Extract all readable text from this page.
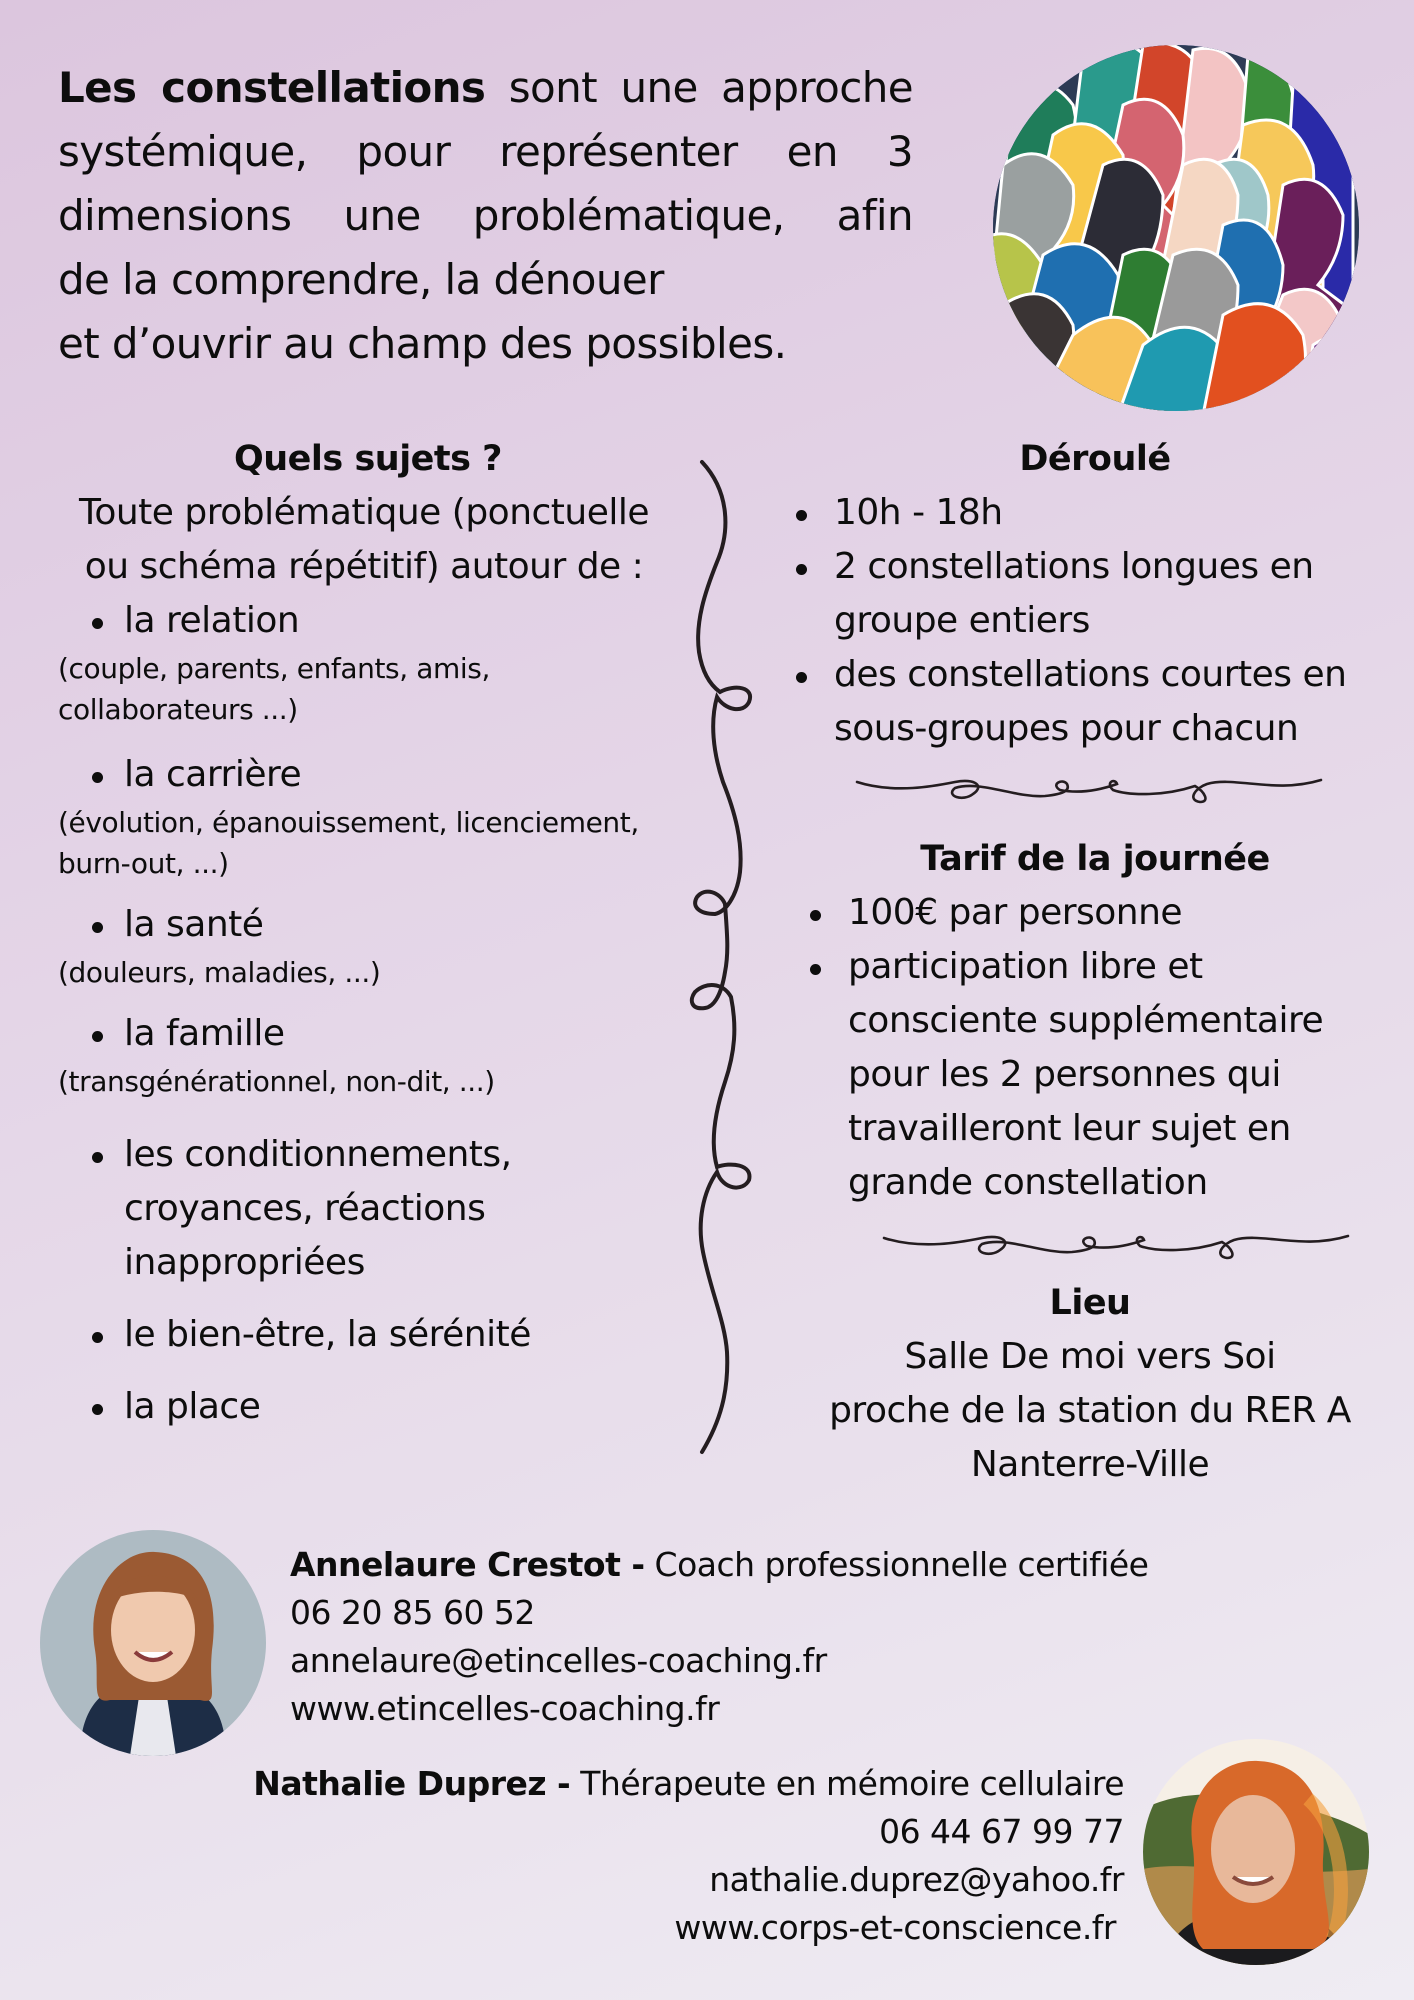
Les constellations sont une approche
systémique, pour représenter en 3
dimensions une problématique, afin
de la comprendre, la dénouer
et d’ouvrir au champ des possibles.
Quels sujets ?
Toute problématique (ponctuelle
ou schéma répétitif) autour de :
la relation
(couple, parents, enfants, amis,
collaborateurs ...)
la carrière
(évolution, épanouissement, licenciement,
burn-out, ...)
la santé
(douleurs, maladies, ...)
la famille
(transgénérationnel, non-dit, ...)
les conditionnements,
croyances, réactions
inappropriées
le bien-être, la sérénité
la place
Déroulé
10h - 18h
2 constellations longues en
groupe entiers
des constellations courtes en
sous-groupes pour chacun
Tarif de la journée
100€ par personne
participation libre et
consciente supplémentaire
pour les 2 personnes qui
travailleront leur sujet en
grande constellation
Lieu
Salle De moi vers Soi
proche de la station du RER A
Nanterre-Ville
Annelaure Crestot - Coach professionnelle certifiée
06 20 85 60 52
annelaure@etincelles-coaching.fr
www.etincelles-coaching.fr
Nathalie Duprez - Thérapeute en mémoire cellulaire
06 44 67 99 77
nathalie.duprez@yahoo.fr
www.corps-et-conscience.fr
